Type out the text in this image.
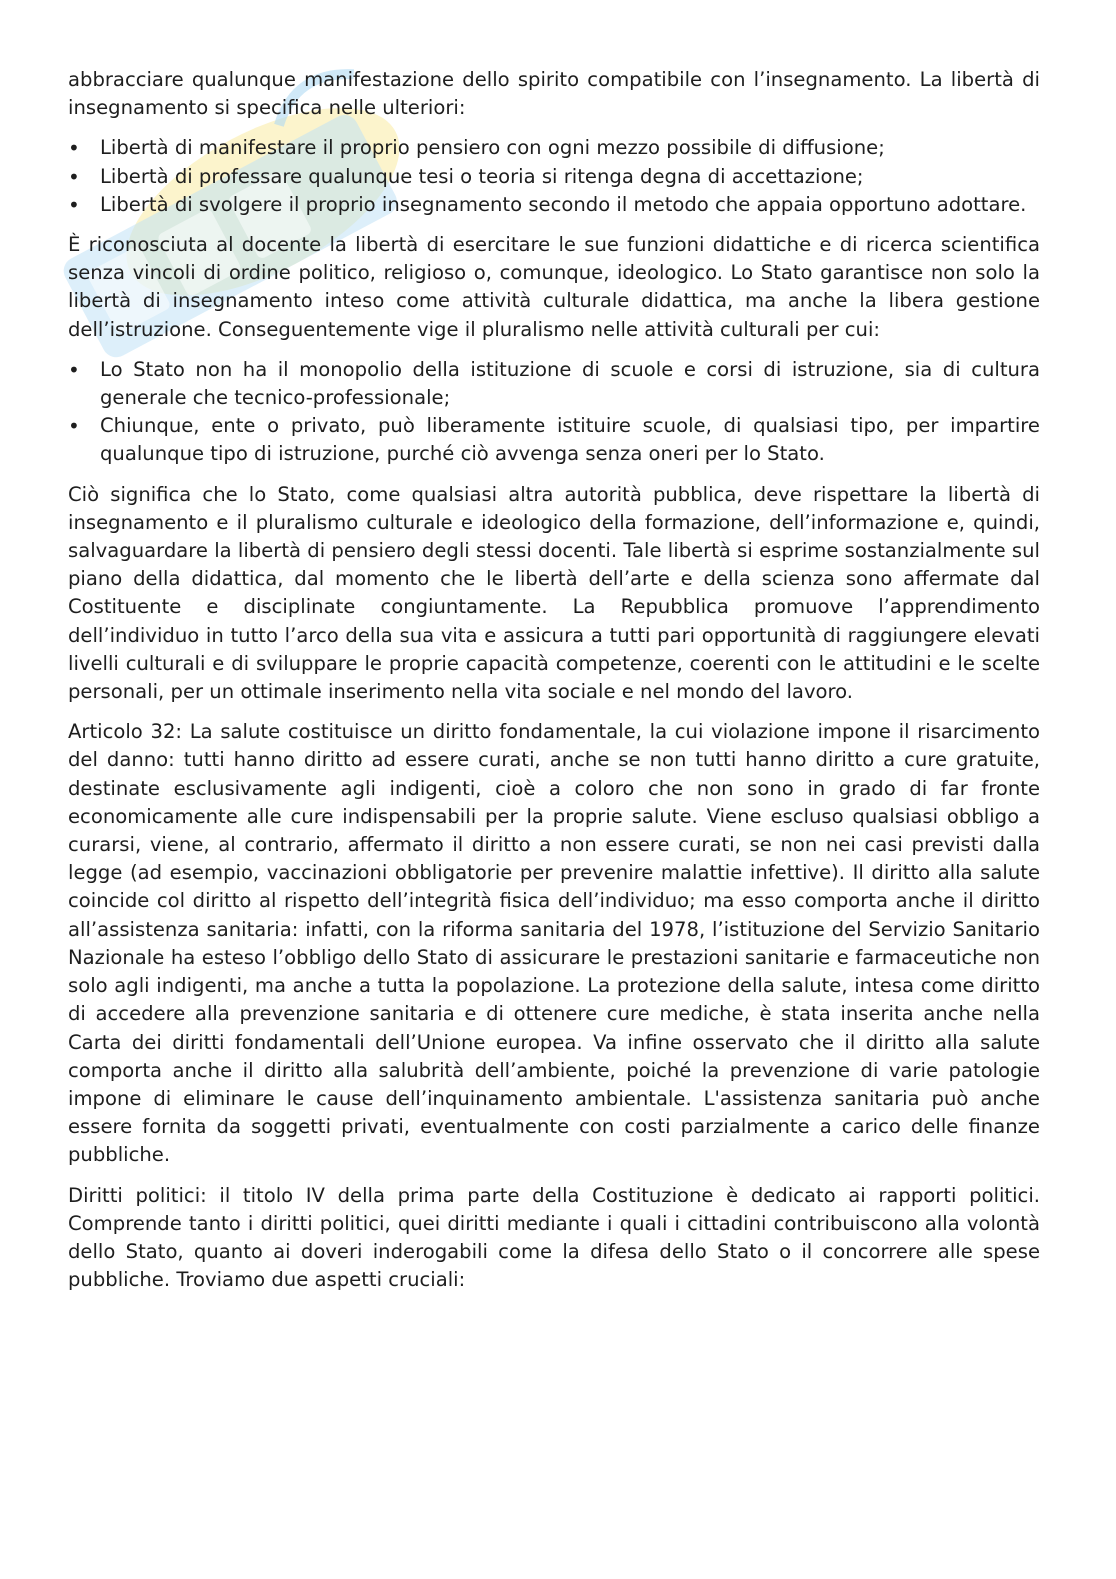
abbracciare qualunque manifestazione dello spirito compatibile con l’insegnamento. La libertà di insegnamento si specifica nelle ulteriori:

• Libertà di manifestare il proprio pensiero con ogni mezzo possibile di diffusione;
• Libertà di professare qualunque tesi o teoria si ritenga degna di accettazione;
• Libertà di svolgere il proprio insegnamento secondo il metodo che appaia opportuno adottare.

È riconosciuta al docente la libertà di esercitare le sue funzioni didattiche e di ricerca scientifica senza vincoli di ordine politico, religioso o, comunque, ideologico. Lo Stato garantisce non solo la libertà di insegnamento inteso come attività culturale didattica, ma anche la libera gestione dell’istruzione. Conseguentemente vige il pluralismo nelle attività culturali per cui:

• Lo Stato non ha il monopolio della istituzione di scuole e corsi di istruzione, sia di cultura generale che tecnico-professionale;
• Chiunque, ente o privato, può liberamente istituire scuole, di qualsiasi tipo, per impartire qualunque tipo di istruzione, purché ciò avvenga senza oneri per lo Stato.

Ciò significa che lo Stato, come qualsiasi altra autorità pubblica, deve rispettare la libertà di insegnamento e il pluralismo culturale e ideologico della formazione, dell’informazione e, quindi, salvaguardare la libertà di pensiero degli stessi docenti. Tale libertà si esprime sostanzialmente sul piano della didattica, dal momento che le libertà dell’arte e della scienza sono affermate dal Costituente e disciplinate congiuntamente. La Repubblica promuove l’apprendimento dell’individuo in tutto l’arco della sua vita e assicura a tutti pari opportunità di raggiungere elevati livelli culturali e di sviluppare le proprie capacità competenze, coerenti con le attitudini e le scelte personali, per un ottimale inserimento nella vita sociale e nel mondo del lavoro.

Articolo 32: La salute costituisce un diritto fondamentale, la cui violazione impone il risarcimento del danno: tutti hanno diritto ad essere curati, anche se non tutti hanno diritto a cure gratuite, destinate esclusivamente agli indigenti, cioè a coloro che non sono in grado di far fronte economicamente alle cure indispensabili per la proprie salute. Viene escluso qualsiasi obbligo a curarsi, viene, al contrario, affermato il diritto a non essere curati, se non nei casi previsti dalla legge (ad esempio, vaccinazioni obbligatorie per prevenire malattie infettive). Il diritto alla salute coincide col diritto al rispetto dell’integrità fisica dell’individuo; ma esso comporta anche il diritto all’assistenza sanitaria: infatti, con la riforma sanitaria del 1978, l’istituzione del Servizio Sanitario Nazionale ha esteso l’obbligo dello Stato di assicurare le prestazioni sanitarie e farmaceutiche non solo agli indigenti, ma anche a tutta la popolazione. La protezione della salute, intesa come diritto di accedere alla prevenzione sanitaria e di ottenere cure mediche, è stata inserita anche nella Carta dei diritti fondamentali dell’Unione europea. Va infine osservato che il diritto alla salute comporta anche il diritto alla salubrità dell’ambiente, poiché la prevenzione di varie patologie impone di eliminare le cause dell’inquinamento ambientale. L'assistenza sanitaria può anche essere fornita da soggetti privati, eventualmente con costi parzialmente a carico delle finanze pubbliche.

Diritti politici: il titolo IV della prima parte della Costituzione è dedicato ai rapporti politici. Comprende tanto i diritti politici, quei diritti mediante i quali i cittadini contribuiscono alla volontà dello Stato, quanto ai doveri inderogabili come la difesa dello Stato o il concorrere alle spese pubbliche. Troviamo due aspetti cruciali:
